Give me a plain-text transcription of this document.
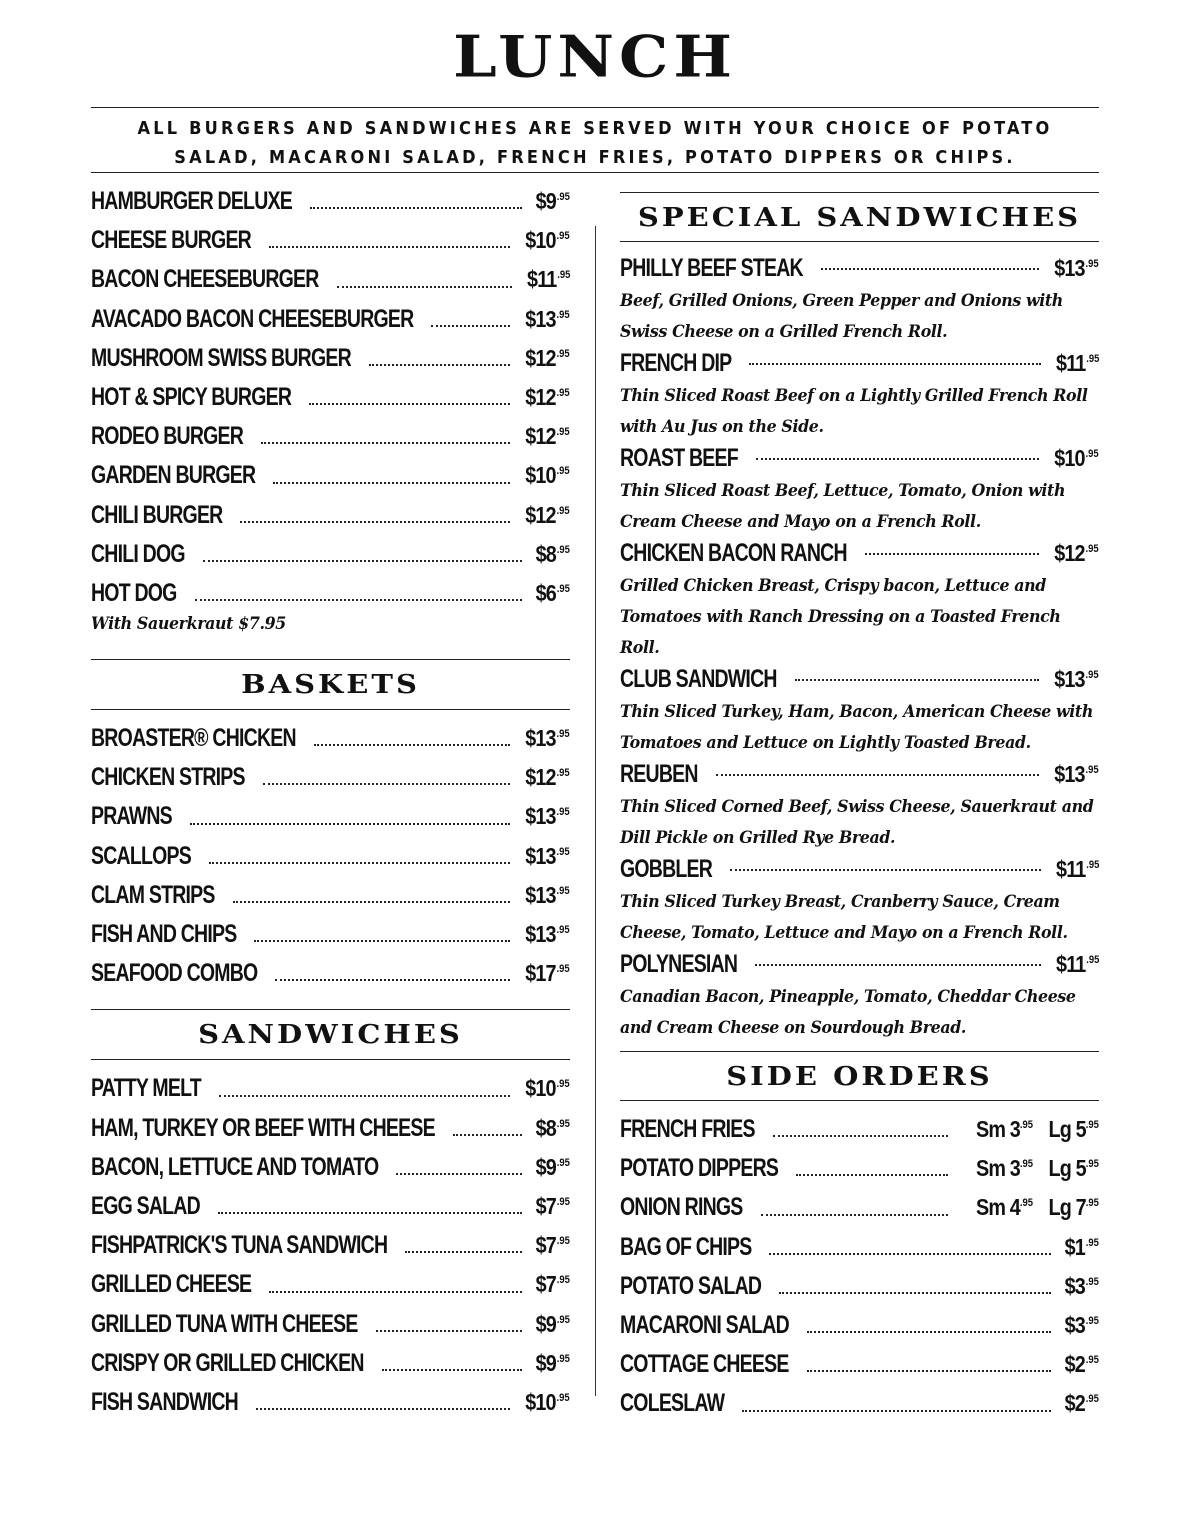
LUNCH
ALL BURGERS AND SANDWICHES ARE SERVED WITH YOUR CHOICE OF POTATO SALAD, MACARONI SALAD, FRENCH FRIES, POTATO DIPPERS OR CHIPS.
HAMBURGER DELUXE	$\$9^{.95}$
CHEESE BURGER	$\$10^{.95}$
BACON CHEESEBURGER	$\$11^{.95}$
AVACADO BACON CHEESEBURGER	$\$13^{.95}$
MUSHROOM SWISS BURGER	$\$12^{.95}$
HOT & SPICY BURGER	$\$12^{.95}$
RODEO BURGER	$\$12^{.95}$
GARDEN BURGER	$\$10^{.95}$
CHILI BURGER	$\$12^{.95}$
CHILI DOG	$\$8^{.95}$
HOT DOG	$\$6^{.95}$
With Sauerkraut $7.95
BASKETS
BROASTER® CHICKEN	$\$13^{.95}$
CHICKEN STRIPS	$\$12^{.95}$
PRAWNS	$\$13^{.95}$
SCALLOPS	$\$13^{.95}$
CLAM STRIPS	$\$13^{.95}$
FISH AND CHIPS	$\$13^{.95}$
SEAFOOD COMBO	$\$17^{.95}$
SANDWICHES
PATTY MELT	$\$10^{.95}$
HAM, TURKEY OR BEEF WITH CHEESE	$\$8^{.95}$
BACON, LETTUCE AND TOMATO	$\$9^{.95}$
EGG SALAD	$\$7^{.95}$
FISHPATRICK'S TUNA SANDWICH	$\$7^{.95}$
GRILLED CHEESE	$\$7^{.95}$
GRILLED TUNA WITH CHEESE	$\$9^{.95}$
CRISPY OR GRILLED CHICKEN	$\$9^{.95}$
FISH SANDWICH	$\$10^{.95}$
SPECIAL SANDWICHES
PHILLY BEEF STEAK	$\$13^{.95}$
Beef, Grilled Onions, Green Pepper and Onions with
Swiss Cheese on a Grilled French Roll.
FRENCH DIP	$\$11^{.95}$
Thin Sliced Roast Beef on a Lightly Grilled French Roll
with Au Jus on the Side.
ROAST BEEF	$\$10^{.95}$
Thin Sliced Roast Beef, Lettuce, Tomato, Onion with
Cream Cheese and Mayo on a French Roll.
CHICKEN BACON RANCH	$\$12^{.95}$
Grilled Chicken Breast, Crispy bacon, Lettuce and
Tomatoes with Ranch Dressing on a Toasted French
Roll.
CLUB SANDWICH	$\$13^{.95}$
Thin Sliced Turkey, Ham, Bacon, American Cheese with
Tomatoes and Lettuce on Lightly Toasted Bread.
REUBEN	$\$13^{.95}$
Thin Sliced Corned Beef, Swiss Cheese, Sauerkraut and
Dill Pickle on Grilled Rye Bread.
GOBBLER	$\$11^{.95}$
Thin Sliced Turkey Breast, Cranberry Sauce, Cream
Cheese, Tomato, Lettuce and Mayo on a French Roll.
POLYNESIAN	$\$11^{.95}$
Canadian Bacon, Pineapple, Tomato, Cheddar Cheese
and Cream Cheese on Sourdough Bread.
SIDE ORDERS
FRENCH FRIES	Sm $3^{.95}$ Lg $5^{.95}$
POTATO DIPPERS	Sm $3^{.95}$ Lg $5^{.95}$
ONION RINGS	Sm $4^{.95}$ Lg $7^{.95}$
BAG OF CHIPS	$\$1^{.95}$
POTATO SALAD	$\$3^{.95}$
MACARONI SALAD	$\$3^{.95}$
COTTAGE CHEESE	$\$2^{.95}$
COLESLAW	$\$2^{.95}$
